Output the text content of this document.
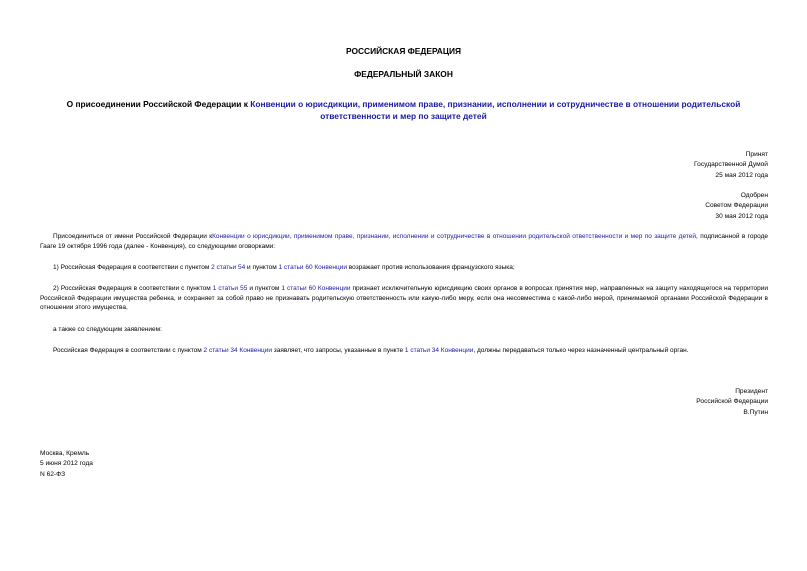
РОССИЙСКАЯ ФЕДЕРАЦИЯ
ФЕДЕРАЛЬНЫЙ ЗАКОН
О присоединении Российской Федерации к Конвенции о юрисдикции, применимом праве, признании, исполнении и сотрудничестве в отношении родительской ответственности и мер по защите детей
Принят
Государственной Думой
25 мая 2012 года
Одобрен
Советом Федерации
30 мая 2012 года
Присоединиться от имени Российской Федерации кКонвенции о юрисдикции, применимом праве, признании, исполнении и сотрудничестве в отношении родительской ответственности и мер по защите детей, подписанной в городе Гааге 19 октября 1996 года (далее - Конвенция), со следующими оговорками:
1) Российская Федерация в соответствии с пунктом 2 статьи 54 и пунктом 1 статьи 60 Конвенции возражает против использования французского языка;
2) Российская Федерация в соответствии с пунктом 1 статьи 55 и пунктом 1 статьи 60 Конвенции признает исключительную юрисдикцию своих органов в вопросах принятия мер, направленных на защиту находящегося на территории Российской Федерации имущества ребенка, и сохраняет за собой право не признавать родительскую ответственность или какую-либо меру, если она несовместима с какой-либо мерой, принимаемой органами Российской Федерации в отношении этого имущества,
а также со следующим заявлением:
Российская Федерация в соответствии с пунктом 2 статьи 34 Конвенции заявляет, что запросы, указанные в пункте 1 статьи 34 Конвенции, должны передаваться только через назначенный центральный орган.
Президент
Российской Федерации
В.Путин
Москва, Кремль
5 июня 2012 года
N 62-ФЗ
